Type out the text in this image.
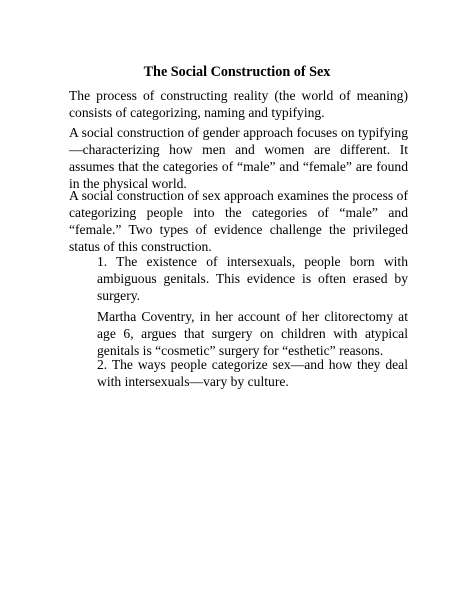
The Social Construction of Sex

The process of constructing reality (the world of meaning) consists of categorizing, naming and typifying.

A social construction of gender approach focuses on typifying—characterizing how men and women are different. It assumes that the categories of “male” and “female” are found in the physical world.

A social construction of sex approach examines the process of categorizing people into the categories of “male” and “female.” Two types of evidence challenge the privileged status of this construction.

1. The existence of intersexuals, people born with ambiguous genitals. This evidence is often erased by surgery.

Martha Coventry, in her account of her clitorectomy at age 6, argues that surgery on children with atypical genitals is “cosmetic” surgery for “esthetic” reasons.

2. The ways people categorize sex—and how they deal with intersexuals—vary by culture.
